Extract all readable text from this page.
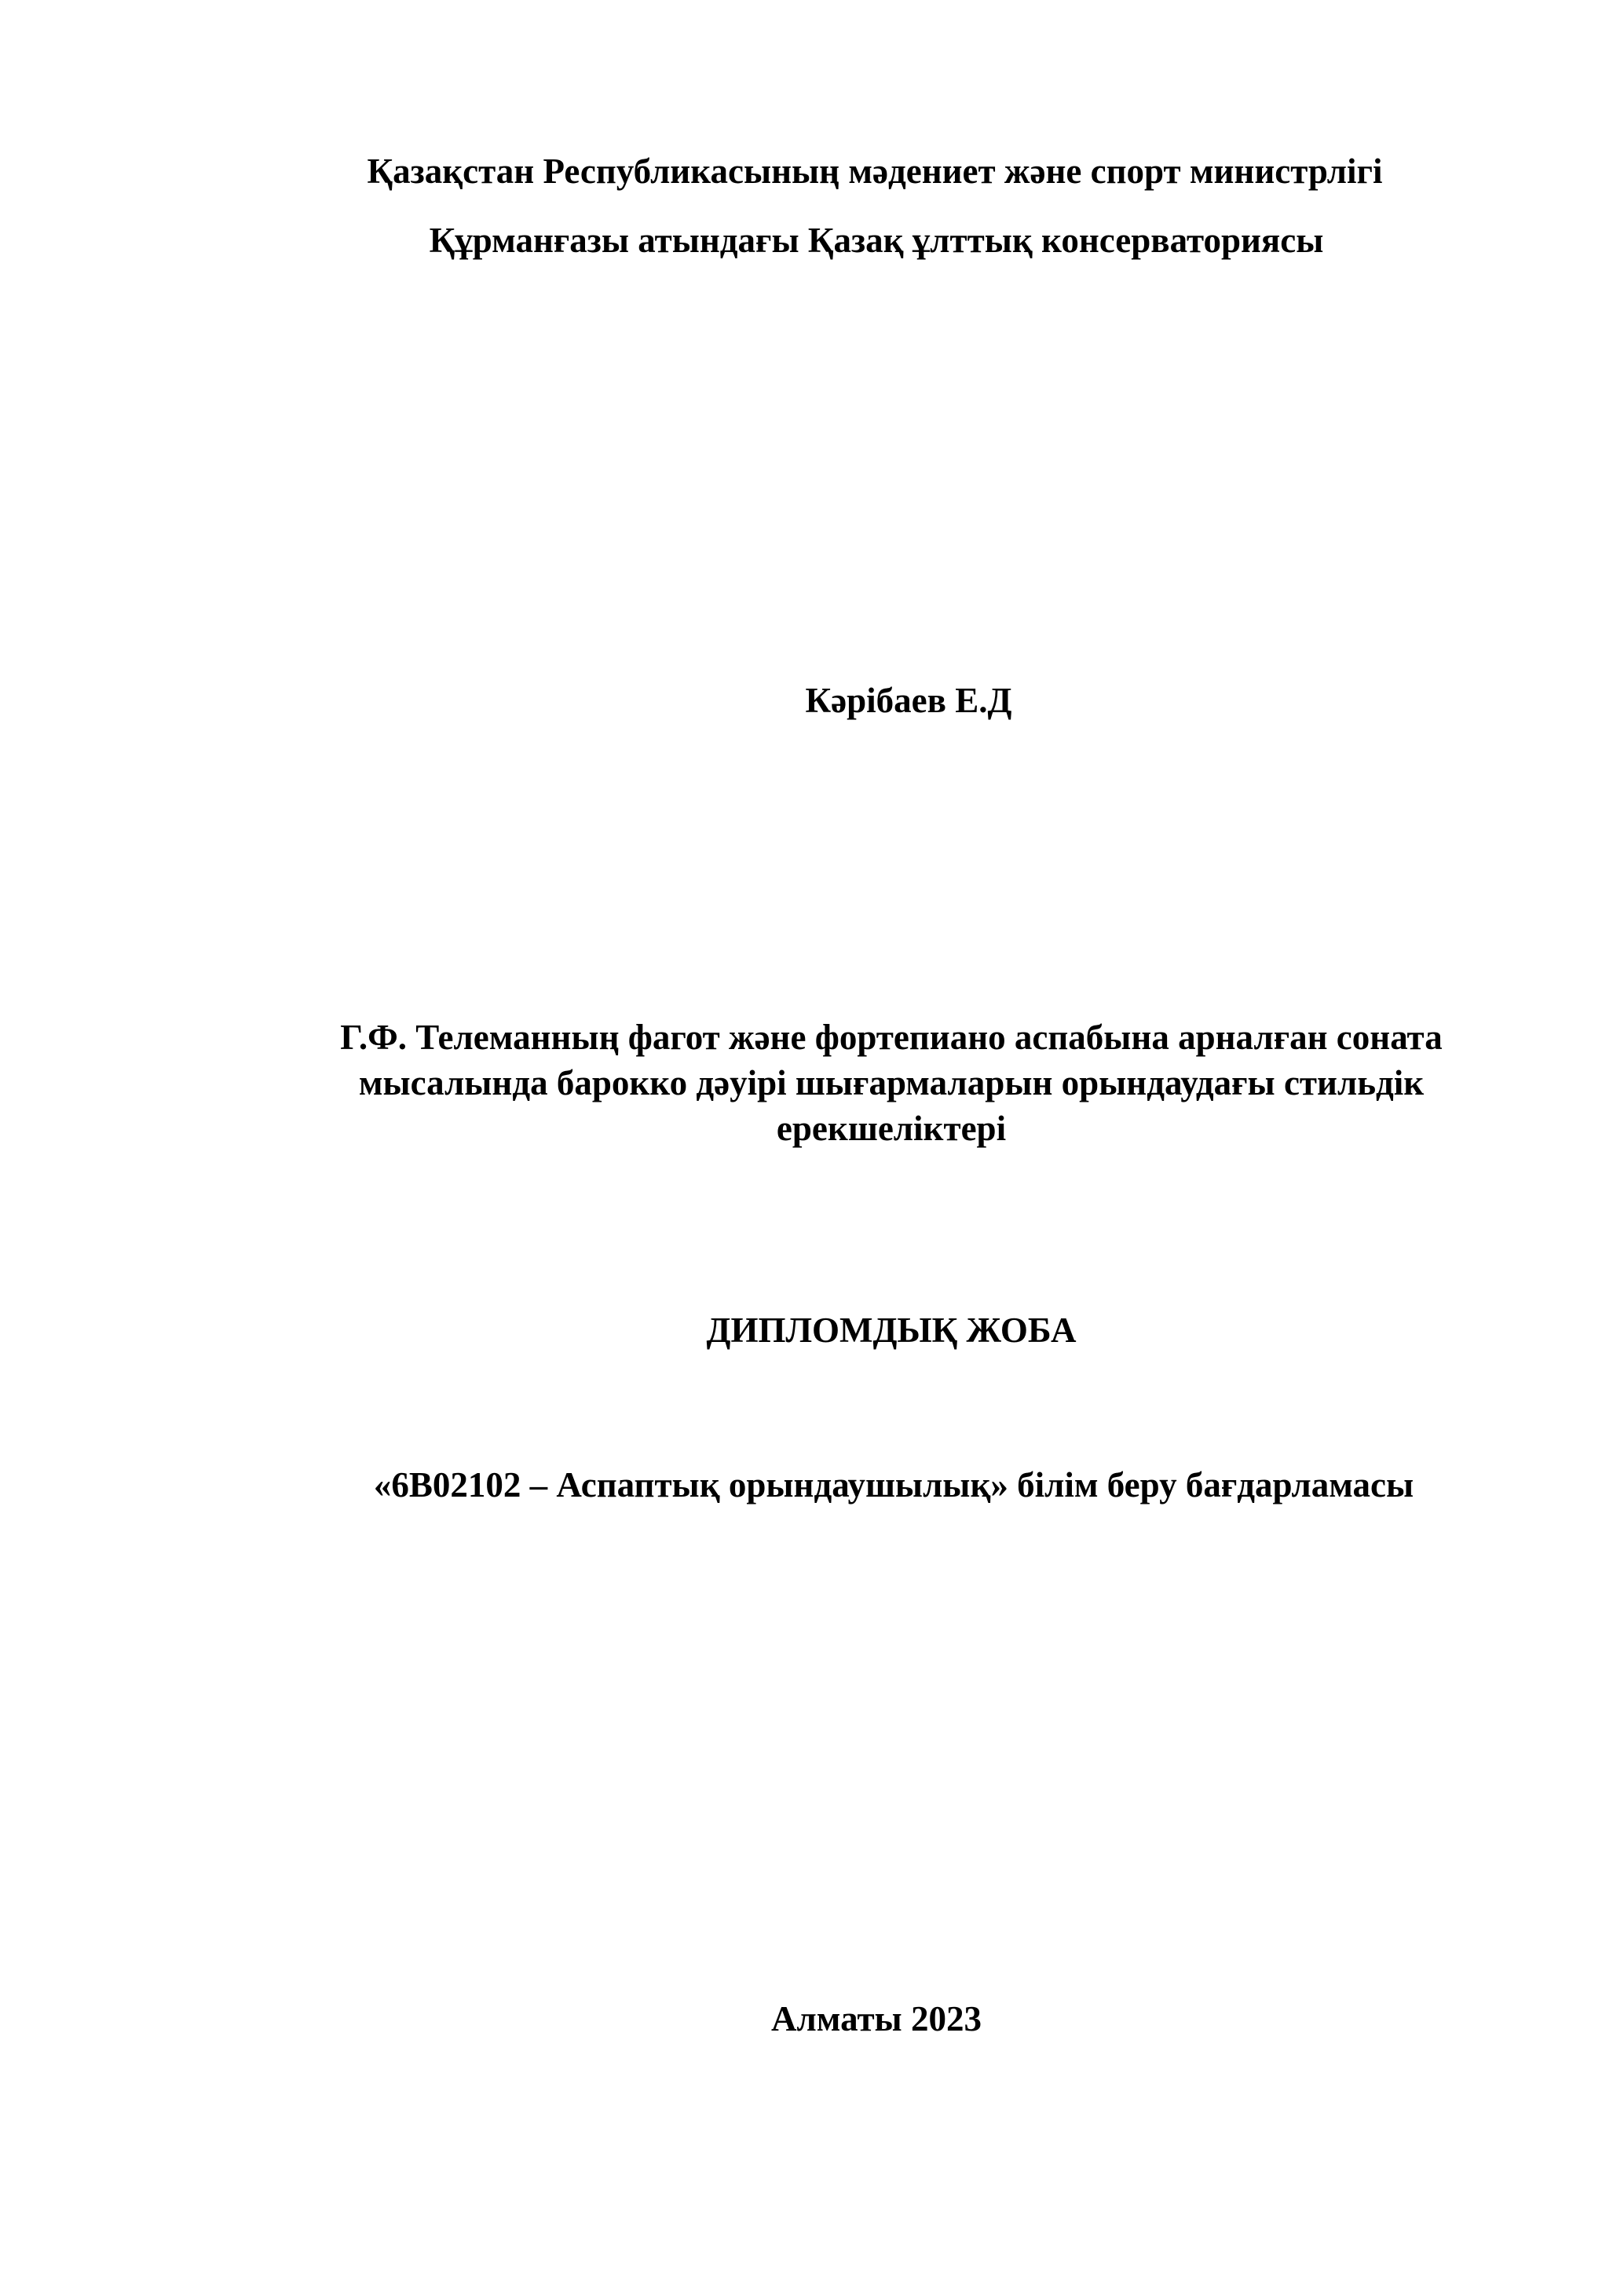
Қазақстан Республикасының мәдениет және спорт министрлігі
Құрманғазы атындағы Қазақ ұлттық консерваториясы
Кәрібаев Е.Д
Г.Ф. Телеманның фагот және фортепиано аспабына арналған соната
мысалында барокко дәуірі шығармаларын орындаудағы стильдік
ерекшеліктері
ДИПЛОМДЫҚ ЖОБА
«6В02102 – Аспаптық орындаушылық» білім беру бағдарламасы
Алматы 2023
